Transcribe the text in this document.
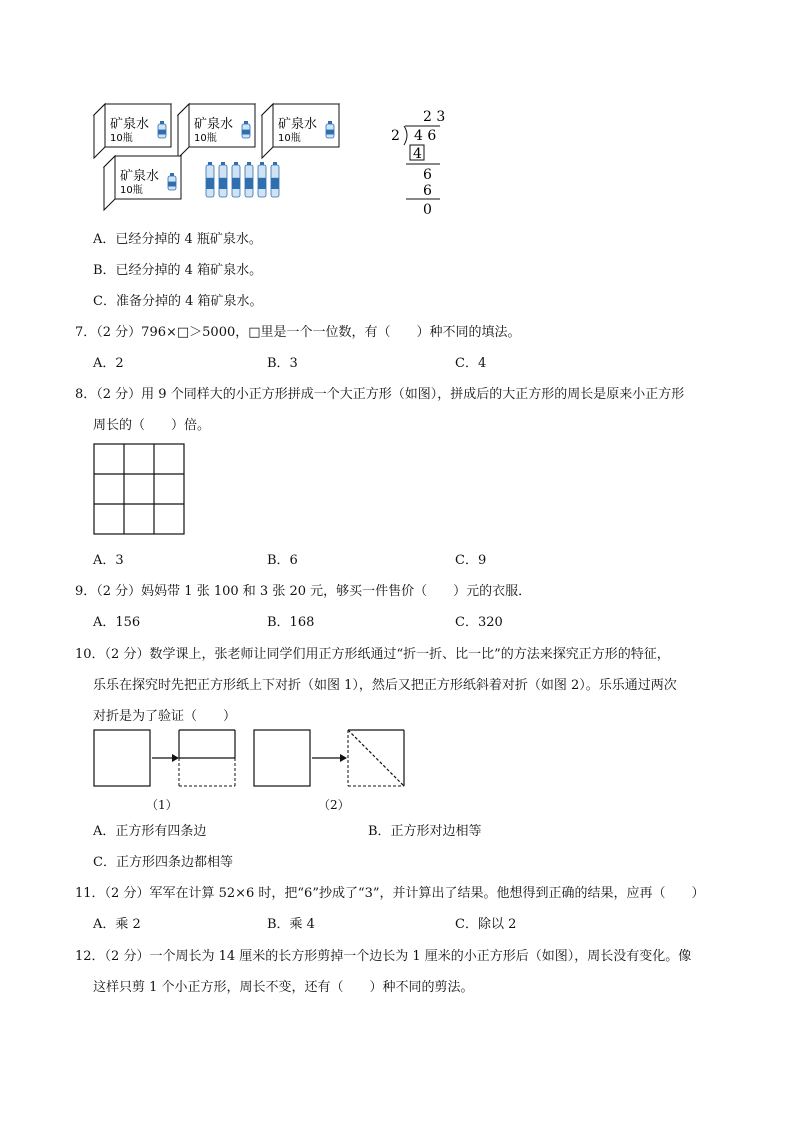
矿泉水
10瓶
矿泉水
10瓶
矿泉水
10瓶
矿泉水
10瓶
2 3
2 4 6
4
6
6
0
A．已经分掉的 4 瓶矿泉水。
B．已经分掉的 4 箱矿泉水。
C．准备分掉的 4 箱矿泉水。
7．（2 分）796×□＞5000，□里是一个一位数，有（　　）种不同的填法。
A．2	B．3	C．4
8．（2 分）用 9 个同样大的小正方形拼成一个大正方形（如图），拼成后的大正方形的周长是原来小正方形
周长的（　　）倍。
A．3	B．6	C．9
9．（2 分）妈妈带 1 张 100 和 3 张 20 元，够买一件售价（　　）元的衣服．
A．156	B．168	C．320
10．（2 分）数学课上，张老师让同学们用正方形纸通过“折一折、比一比”的方法来探究正方形的特征，
乐乐在探究时先把正方形纸上下对折（如图 1），然后又把正方形纸斜着对折（如图 2）。乐乐通过两次
对折是为了验证（　　）
（1）	（2）
A．正方形有四条边	B．正方形对边相等
C．正方形四条边都相等
11．（2 分）军军在计算 52×6 时，把“6”抄成了“3”，并计算出了结果。他想得到正确的结果，应再（　　）
A．乘 2	B．乘 4	C．除以 2
12．（2 分）一个周长为 14 厘米的长方形剪掉一个边长为 1 厘米的小正方形后（如图），周长没有变化。像
这样只剪 1 个小正方形，周长不变，还有（　　）种不同的剪法。
